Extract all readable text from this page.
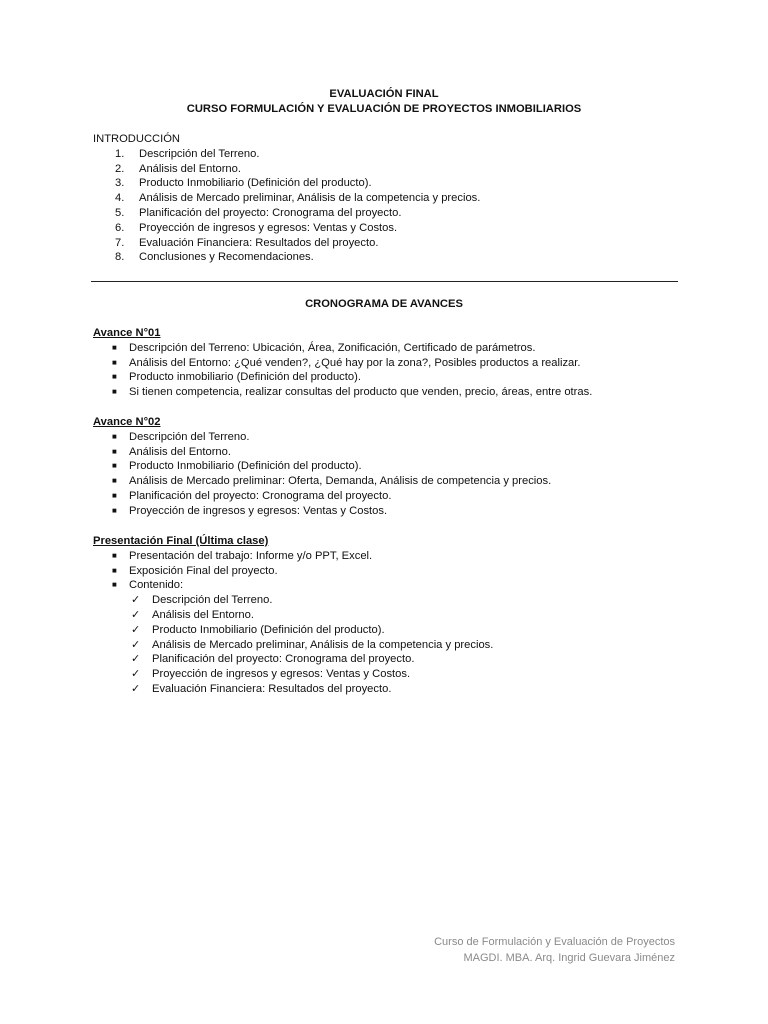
EVALUACIÓN FINAL
CURSO FORMULACIÓN Y EVALUACIÓN DE PROYECTOS INMOBILIARIOS
INTRODUCCIÓN
1. Descripción del Terreno.
2. Análisis del Entorno.
3. Producto Inmobiliario (Definición del producto).
4. Análisis de Mercado preliminar, Análisis de la competencia y precios.
5. Planificación del proyecto: Cronograma del proyecto.
6. Proyección de ingresos y egresos: Ventas y Costos.
7. Evaluación Financiera: Resultados del proyecto.
8. Conclusiones y Recomendaciones.
CRONOGRAMA DE AVANCES
Avance N°01
■ Descripción del Terreno: Ubicación, Área, Zonificación, Certificado de parámetros.
■ Análisis del Entorno: ¿Qué venden?, ¿Qué hay por la zona?, Posibles productos a realizar.
■ Producto inmobiliario (Definición del producto).
■ Si tienen competencia, realizar consultas del producto que venden, precio, áreas, entre otras.
Avance N°02
■ Descripción del Terreno.
■ Análisis del Entorno.
■ Producto Inmobiliario (Definición del producto).
■ Análisis de Mercado preliminar: Oferta, Demanda, Análisis de competencia y precios.
■ Planificación del proyecto: Cronograma del proyecto.
■ Proyección de ingresos y egresos: Ventas y Costos.
Presentación Final (Última clase)
■ Presentación del trabajo: Informe y/o PPT, Excel.
■ Exposición Final del proyecto.
■ Contenido:
✓ Descripción del Terreno.
✓ Análisis del Entorno.
✓ Producto Inmobiliario (Definición del producto).
✓ Análisis de Mercado preliminar, Análisis de la competencia y precios.
✓ Planificación del proyecto: Cronograma del proyecto.
✓ Proyección de ingresos y egresos: Ventas y Costos.
✓ Evaluación Financiera: Resultados del proyecto.
Curso de Formulación y Evaluación de Proyectos
MAGDI. MBA. Arq. Ingrid Guevara Jiménez
